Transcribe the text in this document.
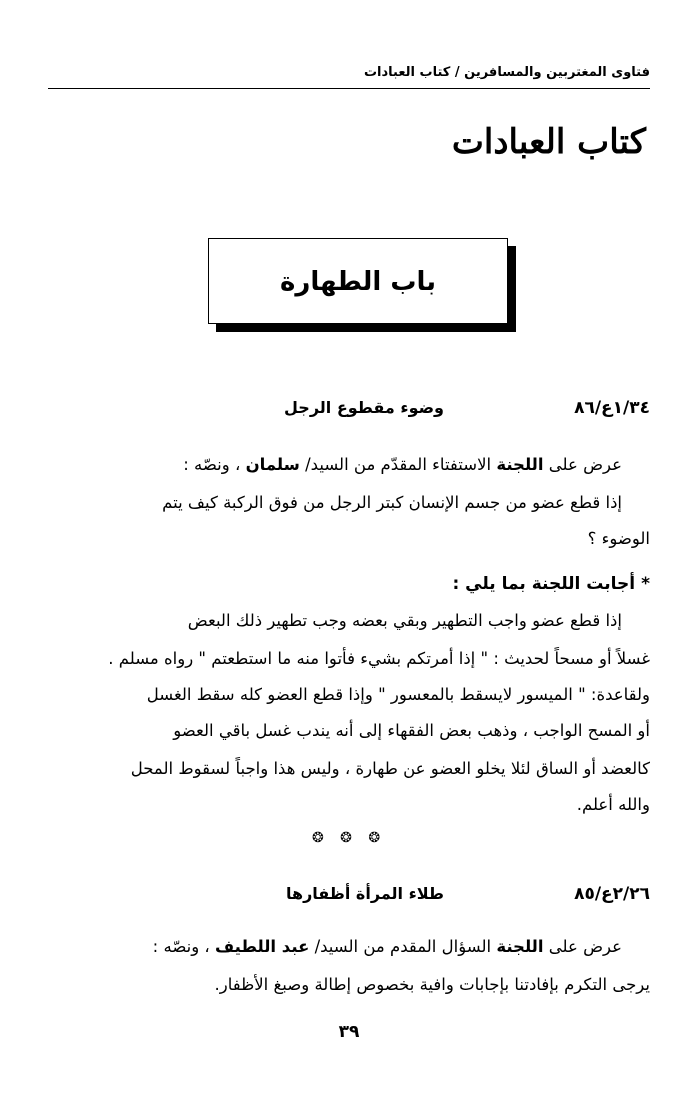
فتاوى المغتربين والمسافرين / كتاب العبادات
كتاب العبادات
باب الطهارة
١/٣٤ع/٨٦
وضوء مقطوع الرجل
عرض على اللجنة الاستفتاء المقدّم من السيد/ سلمان ، ونصّه :
إذا قطع عضو من جسم الإنسان كبتر الرجل من فوق الركبة كيف يتم
الوضوء ؟
*أجابت اللجنة بما يلي :
إذا قطع عضو واجب التطهير وبقي بعضه وجب تطهير ذلك البعض
غسلاً أو مسحاً لحديث : " إذا أمرتكم بشيء فأتوا منه ما استطعتم " رواه مسلم .
ولقاعدة: " الميسور لايسقط بالمعسور " وإذا قطع العضو كله سقط الغسل
أو المسح الواجب ، وذهب بعض الفقهاء إلى أنه يندب غسل باقي العضو
كالعضد أو الساق لئلا يخلو العضو عن طهارة ، وليس هذا واجباً لسقوط المحل
والله أعلم.
❂ ❂ ❂
٢/٢٦ع/٨٥
طلاء المرأة أظفارها
عرض على اللجنة السؤال المقدم من السيد/ عبد اللطيف ، ونصّه :
يرجى التكرم بإفادتنا بإجابات وافية بخصوص إطالة وصبغ الأظفار.
٣٩
